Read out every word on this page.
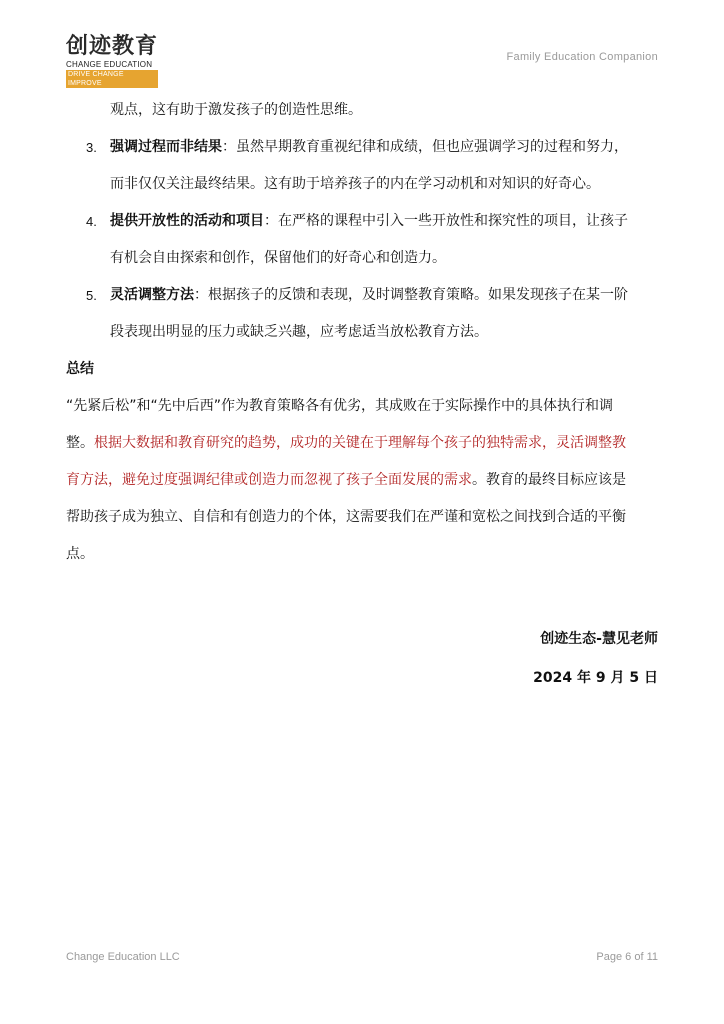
创迹教育
CHANGE EDUCATION
DRIVE CHANGE IMPROVE
Family Education Companion
观点，这有助于激发孩子的创造性思维。
3. 强调过程而非结果：虽然早期教育重视纪律和成绩，但也应强调学习的过程和努力，
而非仅仅关注最终结果。这有助于培养孩子的内在学习动机和对知识的好奇心。
4. 提供开放性的活动和项目：在严格的课程中引入一些开放性和探究性的项目，让孩子
有机会自由探索和创作，保留他们的好奇心和创造力。
5. 灵活调整方法：根据孩子的反馈和表现，及时调整教育策略。如果发现孩子在某一阶
段表现出明显的压力或缺乏兴趣，应考虑适当放松教育方法。
总结
“先紧后松”和“先中后西”作为教育策略各有优劣，其成败在于实际操作中的具体执行和调
整。根据大数据和教育研究的趋势，成功的关键在于理解每个孩子的独特需求，灵活调整教
育方法，避免过度强调纪律或创造力而忽视了孩子全面发展的需求。教育的最终目标应该是
帮助孩子成为独立、自信和有创造力的个体，这需要我们在严谨和宽松之间找到合适的平衡
点。
创迹生态-慧见老师
2024 年 9 月 5 日
Change Education LLC	Page 6 of 11
